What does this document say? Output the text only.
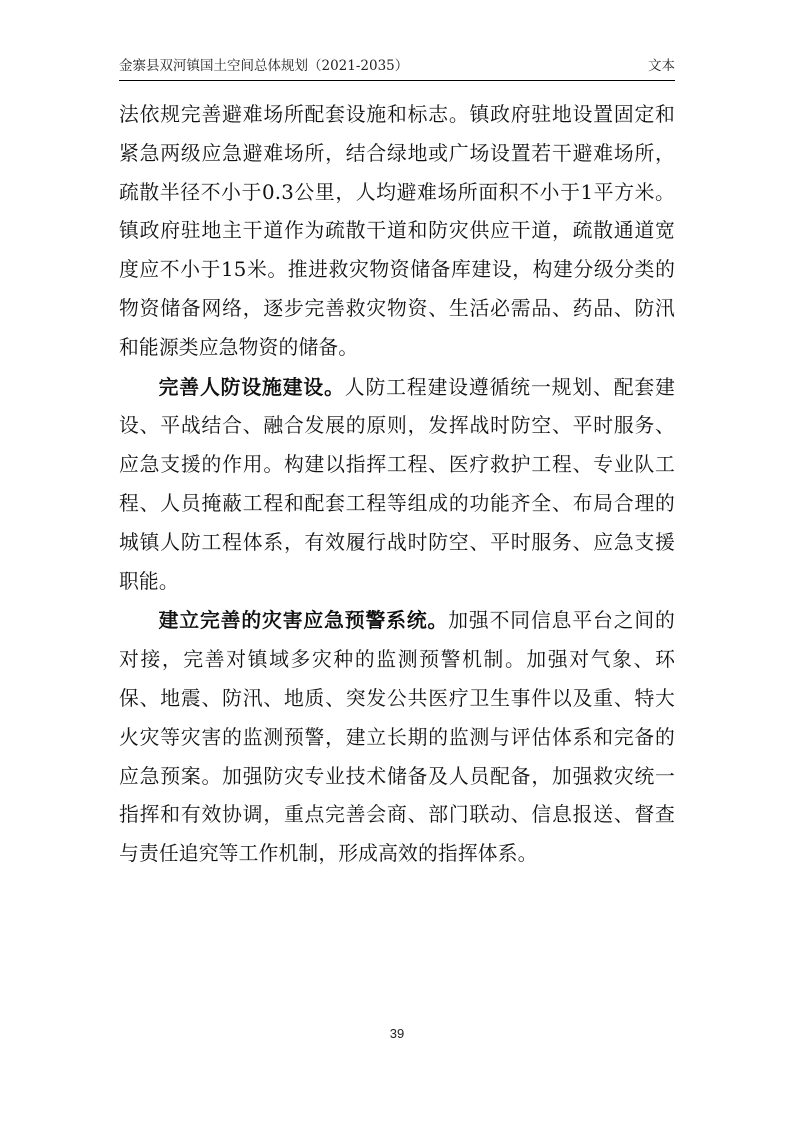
金寨县双河镇国土空间总体规划（2021-2035）	文本

法依规完善避难场所配套设施和标志。镇政府驻地设置固定和紧急两级应急避难场所，结合绿地或广场设置若干避难场所，疏散半径不小于0.3公里，人均避难场所面积不小于1平方米。镇政府驻地主干道作为疏散干道和防灾供应干道，疏散通道宽度应不小于15米。推进救灾物资储备库建设，构建分级分类的物资储备网络，逐步完善救灾物资、生活必需品、药品、防汛和能源类应急物资的储备。

完善人防设施建设。人防工程建设遵循统一规划、配套建设、平战结合、融合发展的原则，发挥战时防空、平时服务、应急支援的作用。构建以指挥工程、医疗救护工程、专业队工程、人员掩蔽工程和配套工程等组成的功能齐全、布局合理的城镇人防工程体系，有效履行战时防空、平时服务、应急支援职能。

建立完善的灾害应急预警系统。加强不同信息平台之间的对接，完善对镇域多灾种的监测预警机制。加强对气象、环保、地震、防汛、地质、突发公共医疗卫生事件以及重、特大火灾等灾害的监测预警，建立长期的监测与评估体系和完备的应急预案。加强防灾专业技术储备及人员配备，加强救灾统一指挥和有效协调，重点完善会商、部门联动、信息报送、督查与责任追究等工作机制，形成高效的指挥体系。

39
